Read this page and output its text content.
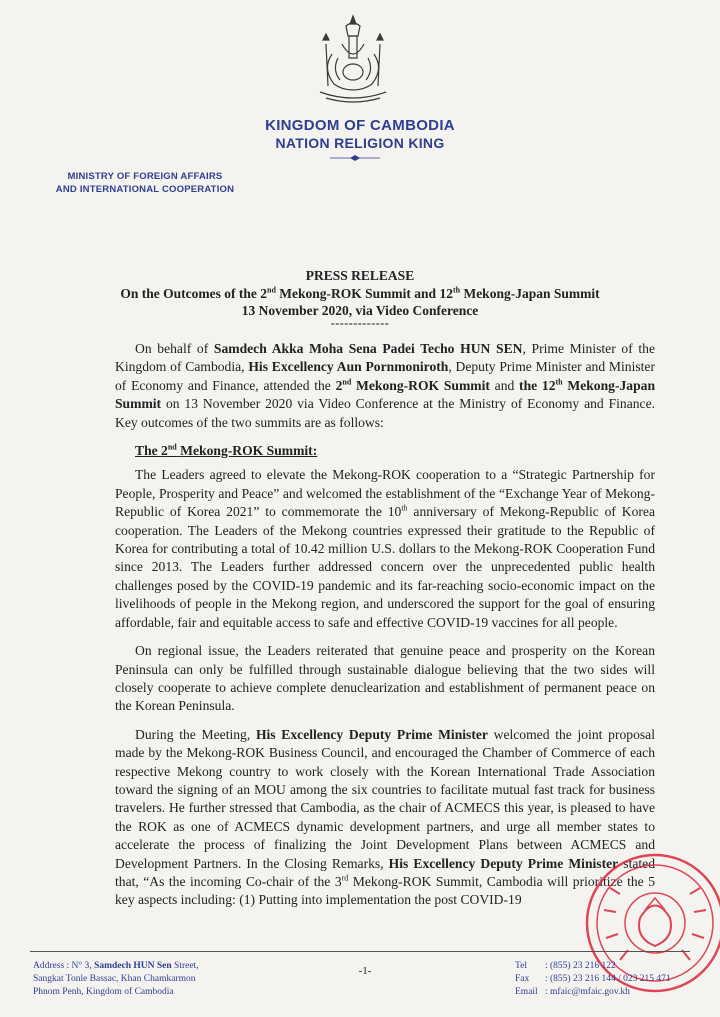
KINGDOM OF CAMBODIA
NATION RELIGION KING
MINISTRY OF FOREIGN AFFAIRS
AND INTERNATIONAL COOPERATION
PRESS RELEASE
On the Outcomes of the 2nd Mekong-ROK Summit and 12th Mekong-Japan Summit
13 November 2020, via Video Conference
-------------

On behalf of Samdech Akka Moha Sena Padei Techo HUN SEN, Prime Minister of the Kingdom of Cambodia, His Excellency Aun Pornmoniroth, Deputy Prime Minister and Minister of Economy and Finance, attended the 2nd Mekong-ROK Summit and the 12th Mekong-Japan Summit on 13 November 2020 via Video Conference at the Ministry of Economy and Finance. Key outcomes of the two summits are as follows:

The 2nd Mekong-ROK Summit:

The Leaders agreed to elevate the Mekong-ROK cooperation to a “Strategic Partnership for People, Prosperity and Peace” and welcomed the establishment of the “Exchange Year of Mekong-Republic of Korea 2021” to commemorate the 10th anniversary of Mekong-Republic of Korea cooperation. The Leaders of the Mekong countries expressed their gratitude to the Republic of Korea for contributing a total of 10.42 million U.S. dollars to the Mekong-ROK Cooperation Fund since 2013. The Leaders further addressed concern over the unprecedented public health challenges posed by the COVID-19 pandemic and its far-reaching socio-economic impact on the livelihoods of people in the Mekong region, and underscored the support for the goal of ensuring affordable, fair and equitable access to safe and effective COVID-19 vaccines for all people.

On regional issue, the Leaders reiterated that genuine peace and prosperity on the Korean Peninsula can only be fulfilled through sustainable dialogue believing that the two sides will closely cooperate to achieve complete denuclearization and establishment of permanent peace on the Korean Peninsula.

During the Meeting, His Excellency Deputy Prime Minister welcomed the joint proposal made by the Mekong-ROK Business Council, and encouraged the Chamber of Commerce of each respective Mekong country to work closely with the Korean International Trade Association toward the signing of an MOU among the six countries to facilitate mutual fast track for business travelers. He further stressed that Cambodia, as the chair of ACMECS this year, is pleased to have the ROK as one of ACMECS dynamic development partners, and urge all member states to accelerate the process of finalizing the Joint Development Plans between ACMECS and Development Partners. In the Closing Remarks, His Excellency Deputy Prime Minister stated that, “As the incoming Co-chair of the 3rd Mekong-ROK Summit, Cambodia will prioritize the 5 key aspects including: (1) Putting into implementation the post COVID-19

Address : N° 3, Samdech HUN Sen Street,
Sangkat Tonle Bassac, Khan Chamkarmon
Phnom Penh, Kingdom of Cambodia
-1-	Tel : (855) 23 216 122
Fax : (855) 23 216 144 / 023 215 471
Email : mfaic@mfaic.gov.kh
